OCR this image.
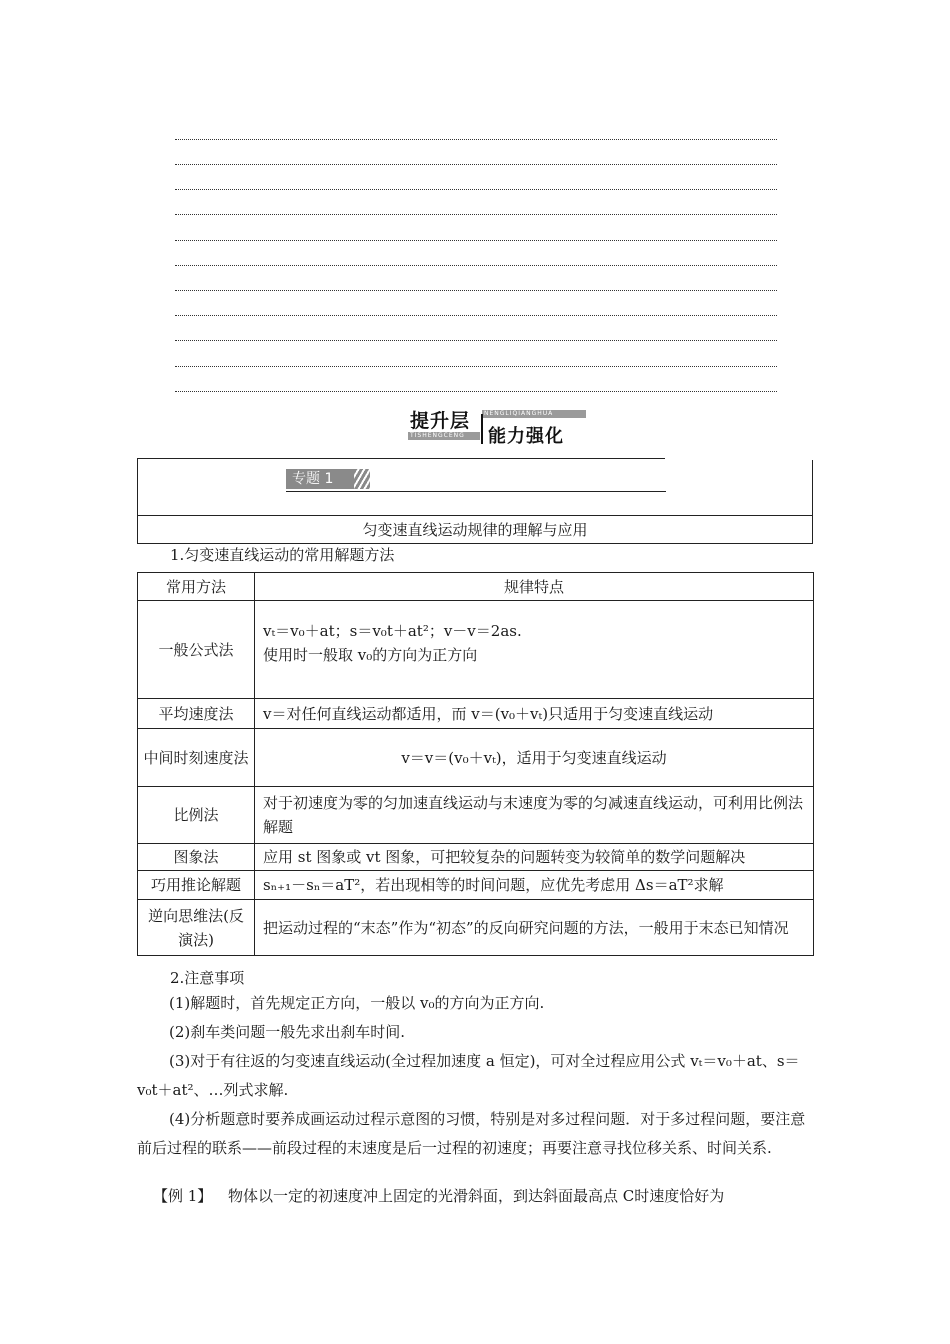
提升层 NENGLIQIANGHUA
TISHENGCENG 能力强化
专题 1
匀变速直线运动规律的理解与应用
1.匀变速直线运动的常用解题方法
常用方法	规律特点
一般公式法	vₜ＝v₀＋at；s＝v₀t＋at²；v－v＝2as.
使用时一般取 v₀的方向为正方向

平均速度法	v＝对任何直线运动都适用，而 v＝(v₀＋vₜ)只适用于匀变速直线运动
中间时刻速度法	v＝v＝(v₀＋vₜ)，适用于匀变速直线运动
比例法	对于初速度为零的匀加速直线运动与末速度为零的匀减速直线运动，可利用比例法解题
图象法	应用 st 图象或 vt 图象，可把较复杂的问题转变为较简单的数学问题解决
巧用推论解题	sₙ₊₁－sₙ＝aT²，若出现相等的时间问题，应优先考虑用 Δs＝aT²求解
逆向思维法(反演法)	把运动过程的“末态”作为“初态”的反向研究问题的方法，一般用于末态已知情况
2.注意事项
(1)解题时，首先规定正方向，一般以 v₀的方向为正方向.
(2)刹车类问题一般先求出刹车时间.
(3)对于有往返的匀变速直线运动(全过程加速度 a 恒定)，可对全过程应用公式 vₜ＝v₀＋at、s＝v₀t＋at²、…列式求解.
(4)分析题意时要养成画运动过程示意图的习惯，特别是对多过程问题．对于多过程问题，要注意前后过程的联系——前段过程的末速度是后一过程的初速度；再要注意寻找位移关系、时间关系.
【例 1】 物体以一定的初速度冲上固定的光滑斜面，到达斜面最高点 C时速度恰好为
